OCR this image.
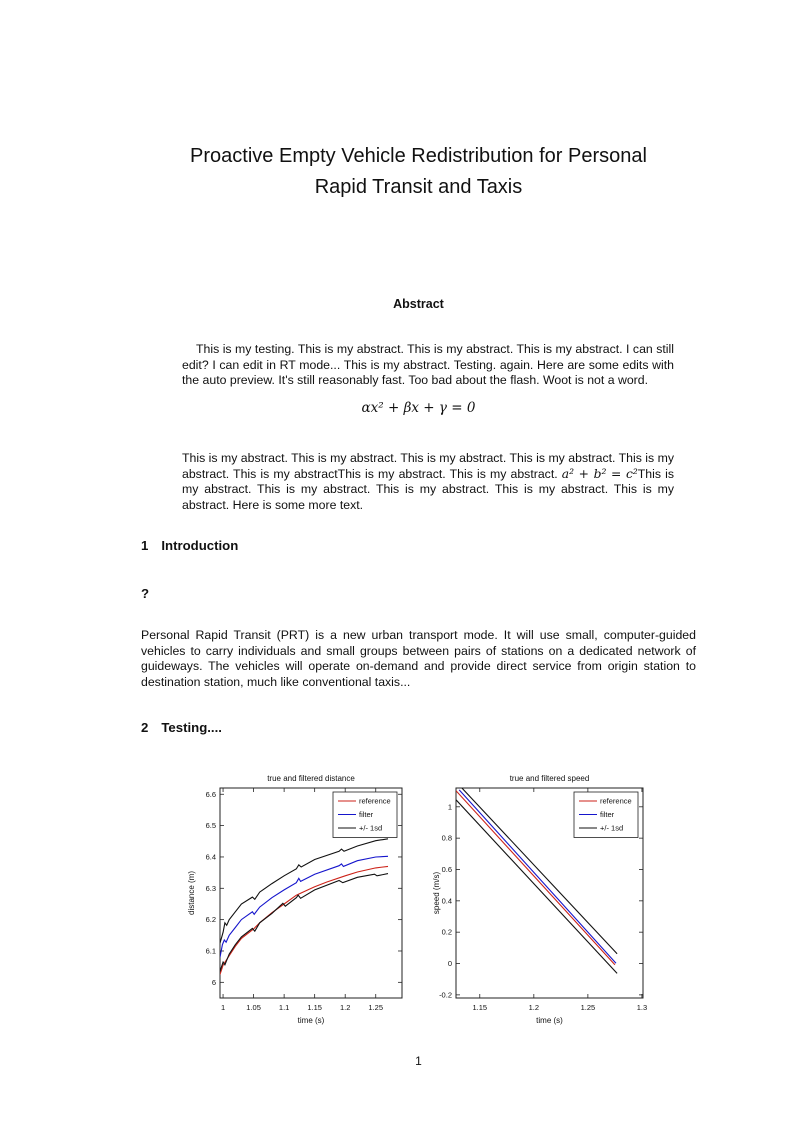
Proactive Empty Vehicle Redistribution for Personal
Rapid Transit and Taxis
Abstract

This is my testing. This is my abstract. This is my abstract. This is my abstract. I can still edit? I can edit in RT mode... This is my abstract. Testing. again. Here are some edits with the auto preview. It's still reasonably fast. Too bad about the flash. Woot is not a word.

αx² + βx + γ = 0

This is my abstract. This is my abstract. This is my abstract. This is my abstract. This is my abstract. This is my abstractThis is my abstract. This is my abstract. a² + b² = c²This is my abstract. This is my abstract. This is my abstract. This is my abstract. This is my abstract. Here is some more text.

1 Introduction
?

Personal Rapid Transit (PRT) is a new urban transport mode. It will use small, computer-guided vehicles to carry individuals and small groups between pairs of stations on a dedicated network of guideways. The vehicles will operate on-demand and provide direct service from origin station to destination station, much like conventional taxis...

2 Testing....
1	1.05 1.1 1.15 1.2 1.25
6
6.1
6.2
6.3
6.4
6.5
6.6
true and filtered distance
time (s)
distance (m)
reference
filter
+/- 1sd
1.15	1.2	1.25	1.3
-0.2
0
0.2
0.4
0.6
0.8
1
true and filtered speed
time (s)
speed (m/s)
reference
filter
+/- 1sd
1
